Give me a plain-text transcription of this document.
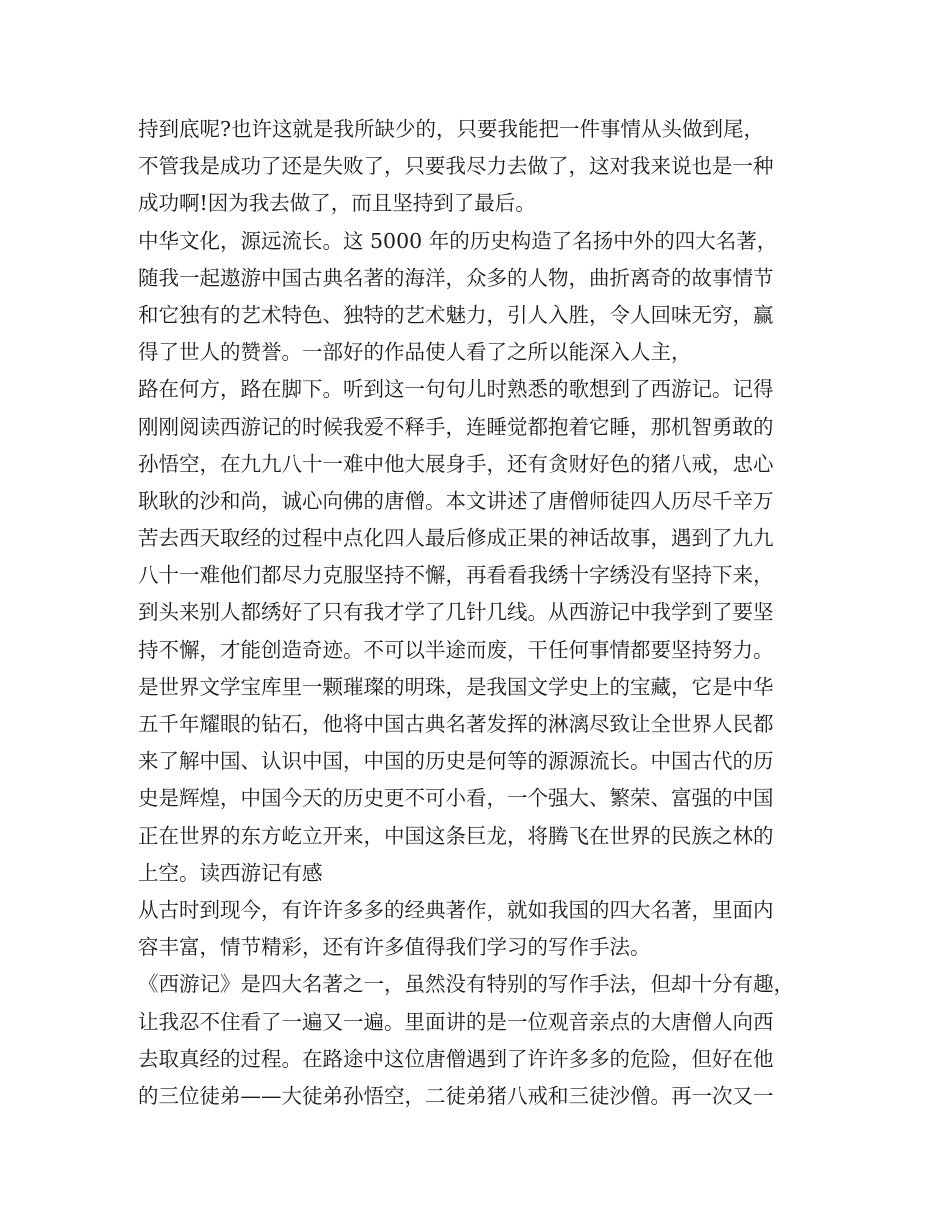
持到底呢?也许这就是我所缺少的，只要我能把一件事情从头做到尾，
不管我是成功了还是失败了，只要我尽力去做了，这对我来说也是一种
成功啊!因为我去做了，而且坚持到了最后。
中华文化，源远流长。这 5000 年的历史构造了名扬中外的四大名著，
随我一起遨游中国古典名著的海洋，众多的人物，曲折离奇的故事情节
和它独有的艺术特色、独特的艺术魅力，引人入胜，令人回味无穷，赢
得了世人的赞誉。一部好的作品使人看了之所以能深入人主，
路在何方，路在脚下。听到这一句句儿时熟悉的歌想到了西游记。记得
刚刚阅读西游记的时候我爱不释手，连睡觉都抱着它睡，那机智勇敢的
孙悟空，在九九八十一难中他大展身手，还有贪财好色的猪八戒，忠心
耿耿的沙和尚，诚心向佛的唐僧。本文讲述了唐僧师徒四人历尽千辛万
苦去西天取经的过程中点化四人最后修成正果的神话故事，遇到了九九
八十一难他们都尽力克服坚持不懈，再看看我绣十字绣没有坚持下来，
到头来别人都绣好了只有我才学了几针几线。从西游记中我学到了要坚
持不懈，才能创造奇迹。不可以半途而废，干任何事情都要坚持努力。
是世界文学宝库里一颗璀璨的明珠，是我国文学史上的宝藏，它是中华
五千年耀眼的钻石，他将中国古典名著发挥的淋漓尽致让全世界人民都
来了解中国、认识中国，中国的历史是何等的源源流长。中国古代的历
史是辉煌，中国今天的历史更不可小看，一个强大、繁荣、富强的中国
正在世界的东方屹立开来，中国这条巨龙，将腾飞在世界的民族之林的
上空。读西游记有感
从古时到现今，有许许多多的经典著作，就如我国的四大名著，里面内
容丰富，情节精彩，还有许多值得我们学习的写作手法。
《西游记》是四大名著之一，虽然没有特别的写作手法，但却十分有趣，
让我忍不住看了一遍又一遍。里面讲的是一位观音亲点的大唐僧人向西
去取真经的过程。在路途中这位唐僧遇到了许许多多的危险，但好在他
的三位徒弟——大徒弟孙悟空，二徒弟猪八戒和三徒沙僧。再一次又一
